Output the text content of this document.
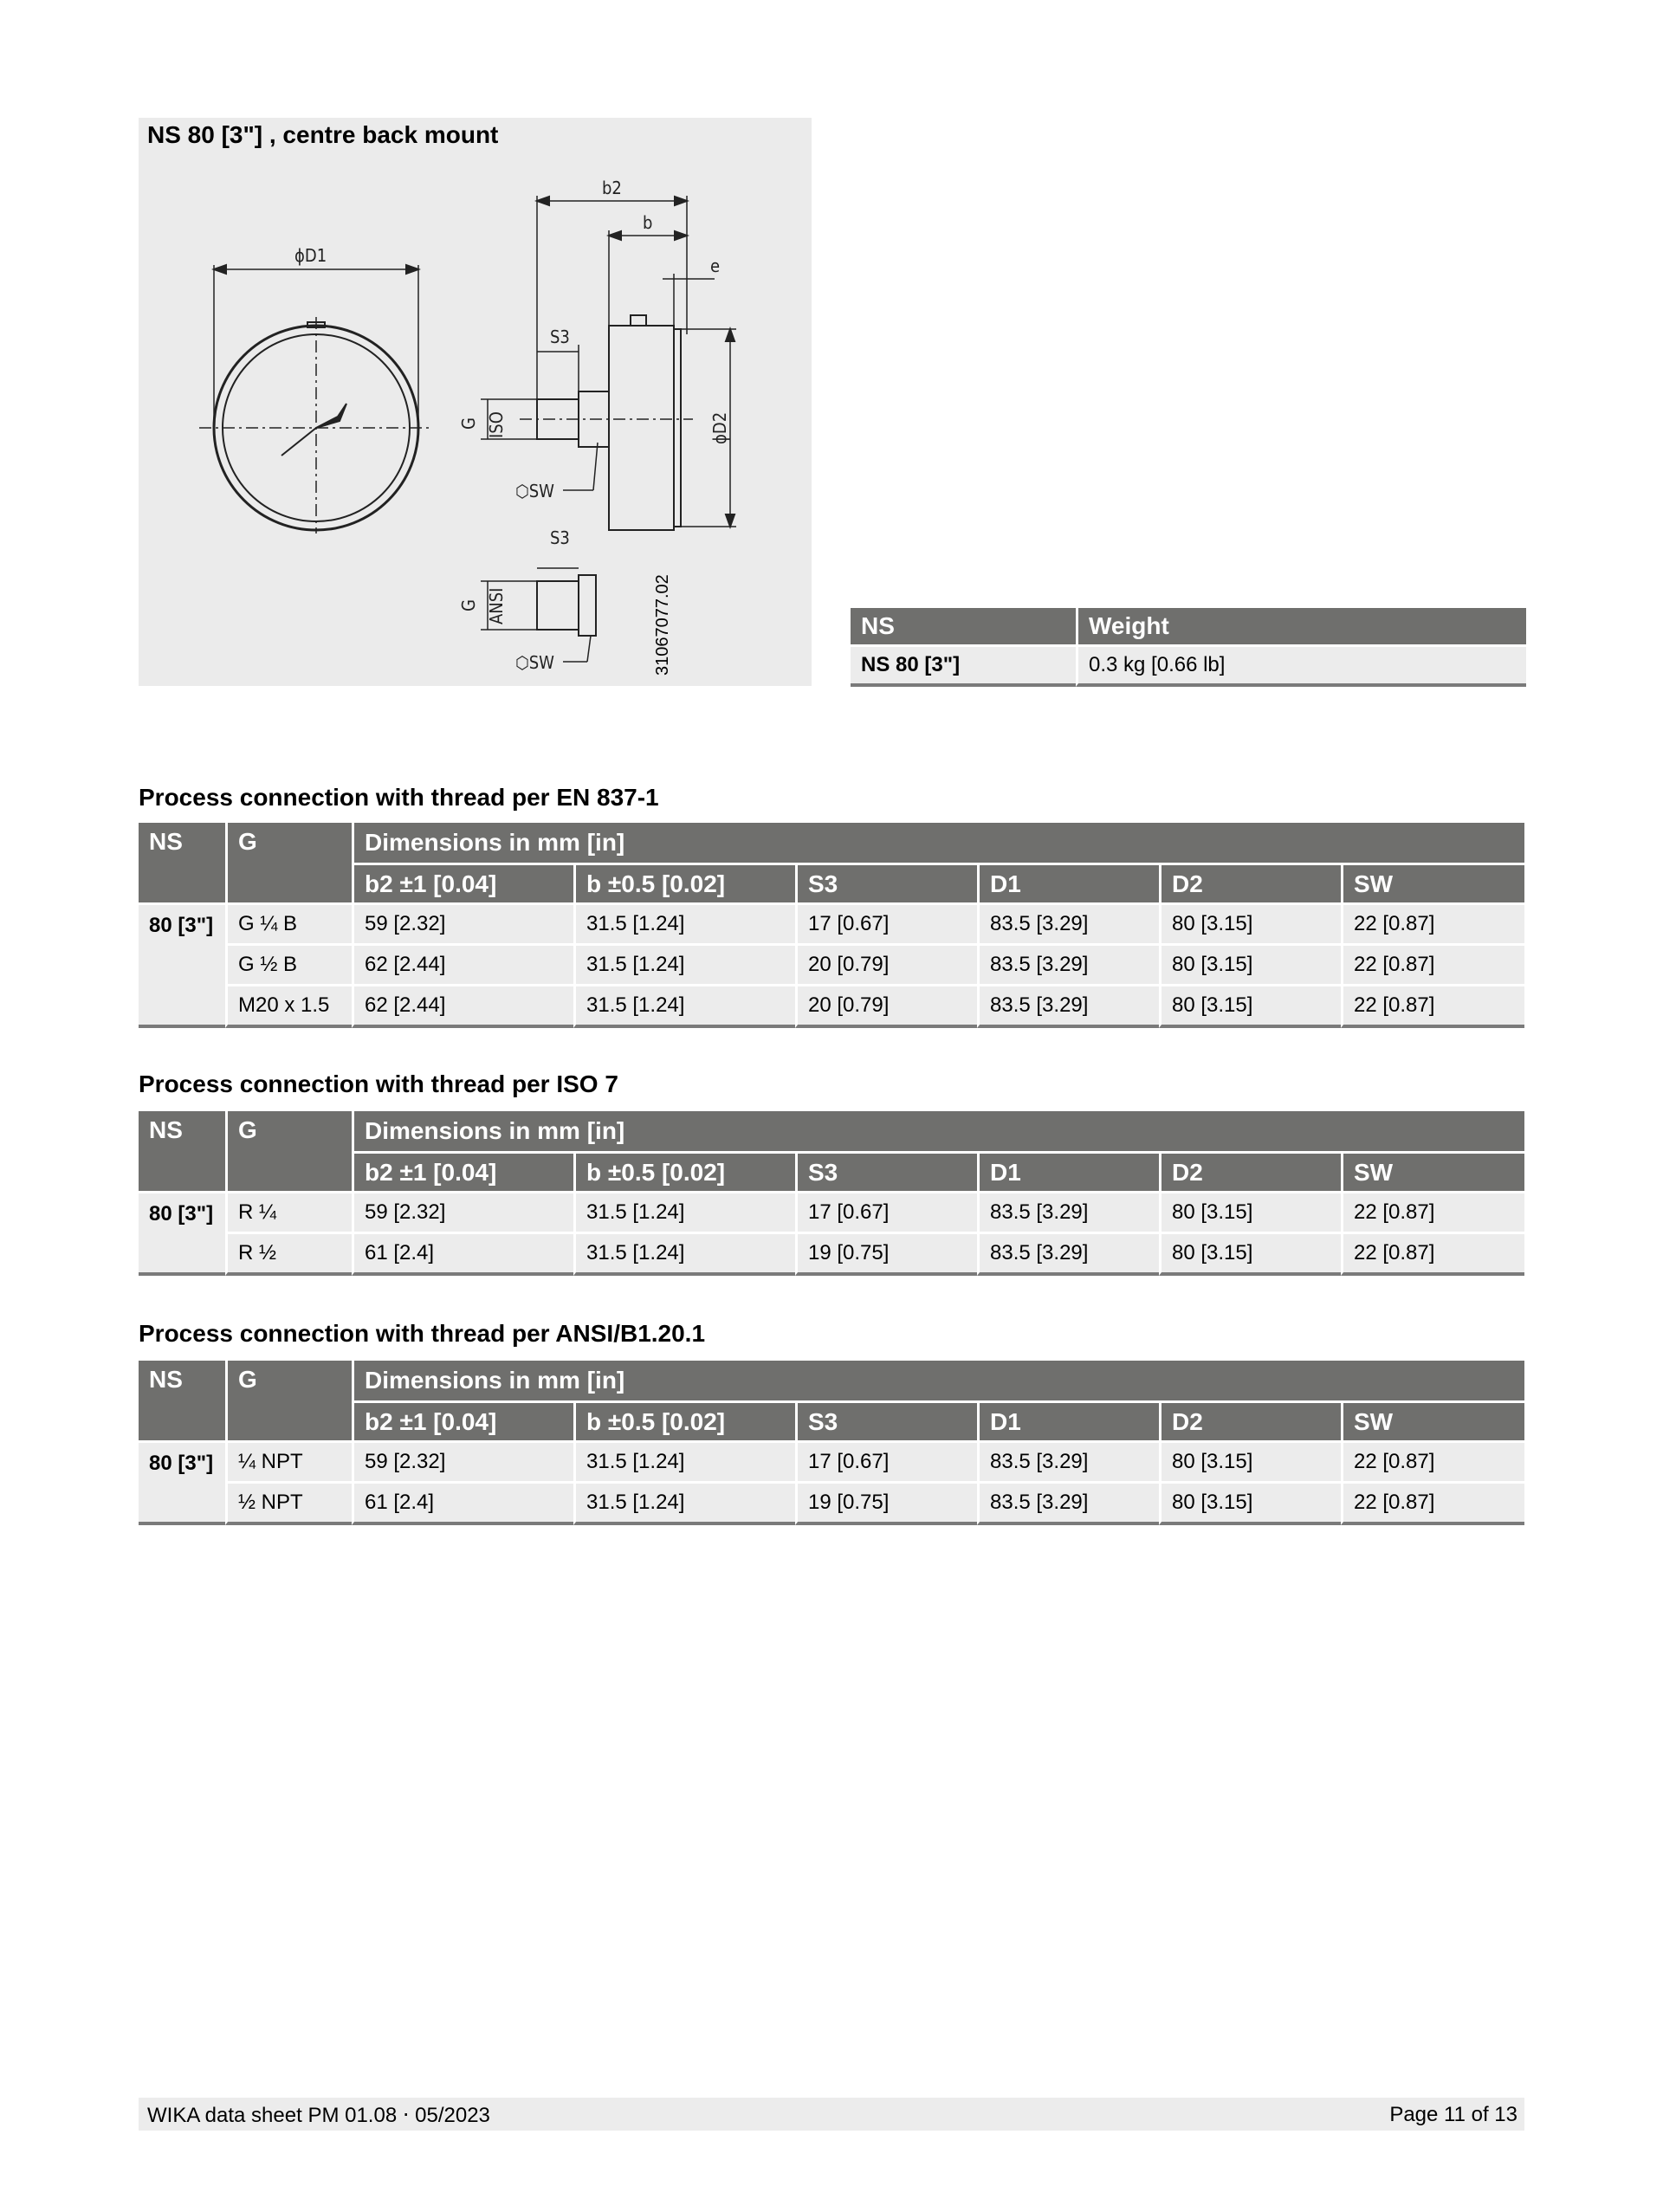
NS 80 [3"] , centre back mount
ϕD1
b2
b
e
S3
S3
ϕD2
G ISO
G ANSI
⬡SW
⬡SW	31067077.02	NS	Weight
NS 80 [3"]	0.3 kg [0.66 lb]
Process connection with thread per EN 837-1
NS	G	Dimensions in mm [in]					
		b2 ±1 [0.04]	b ±0.5 [0.02]	S3	D1	D2	SW
80 [3"]	G ¼ B	59 [2.32]	31.5 [1.24]	17 [0.67]	83.5 [3.29]	80 [3.15]	22 [0.87]
	G ½ B	62 [2.44]	31.5 [1.24]	20 [0.79]	83.5 [3.29]	80 [3.15]	22 [0.87]
	M20 x 1.5	62 [2.44]	31.5 [1.24]	20 [0.79]	83.5 [3.29]	80 [3.15]	22 [0.87]
Process connection with thread per ISO 7
NS	G	Dimensions in mm [in]					
		b2 ±1 [0.04]	b ±0.5 [0.02]	S3	D1	D2	SW
80 [3"]	R ¼	59 [2.32]	31.5 [1.24]	17 [0.67]	83.5 [3.29]	80 [3.15]	22 [0.87]
	R ½	61 [2.4]	31.5 [1.24]	19 [0.75]	83.5 [3.29]	80 [3.15]	22 [0.87]
Process connection with thread per ANSI/B1.20.1
NS	G	Dimensions in mm [in]					
		b2 ±1 [0.04]	b ±0.5 [0.02]	S3	D1	D2	SW
80 [3"]	¼ NPT	59 [2.32]	31.5 [1.24]	17 [0.67]	83.5 [3.29]	80 [3.15]	22 [0.87]
	½ NPT	61 [2.4]	31.5 [1.24]	19 [0.75]	83.5 [3.29]	80 [3.15]	22 [0.87]
WIKA data sheet PM 01.08 ⋅ 05/2023	Page 11 of 13
